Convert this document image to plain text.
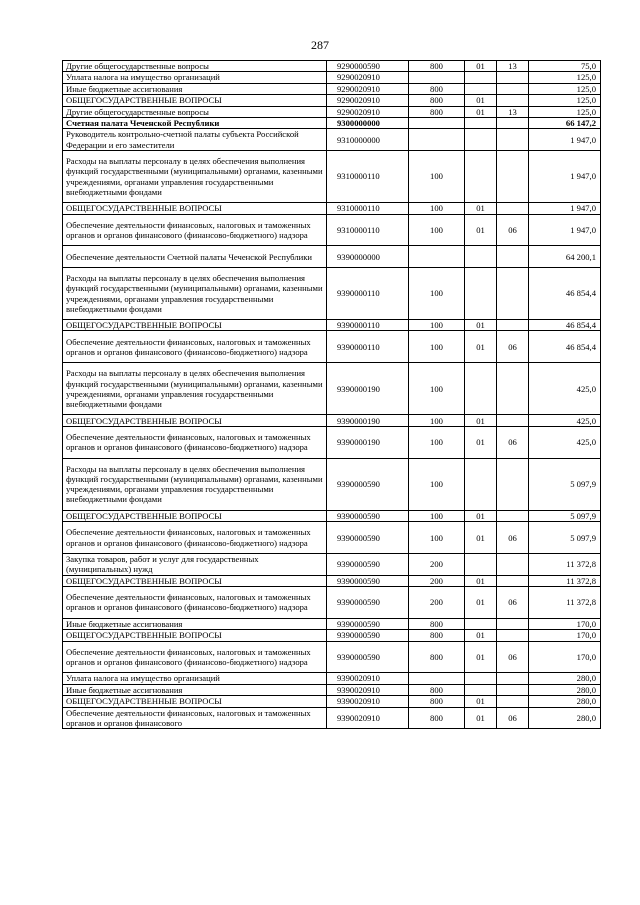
287
Другие общегосударственные вопросы	9290000590	800	01	13	75,0
Уплата налога на имущество организаций	9290020910				125,0
Иные бюджетные ассигнования	9290020910	800			125,0
ОБЩЕГОСУДАРСТВЕННЫЕ ВОПРОСЫ	9290020910	800	01		125,0
Другие общегосударственные вопросы	9290020910	800	01	13	125,0
Счетная палата Чеченской Республики	9300000000				66 147,2
Руководитель контрольно-счетной палаты субъекта Российской Федерации и его заместители	9310000000				1 947,0
Расходы на выплаты персоналу в целях обеспечения выполнения функций государственными (муниципальными) органами, казенными учреждениями, органами управления государственными внебюджетными фондами	9310000110	100			1 947,0
ОБЩЕГОСУДАРСТВЕННЫЕ ВОПРОСЫ	9310000110	100	01		1 947,0
Обеспечение деятельности финансовых, налоговых и таможенных органов и органов финансового (финансово-бюджетного) надзора	9310000110	100	01	06	1 947,0
Обеспечение деятельности Счетной палаты Чеченской Республики	9390000000				64 200,1
Расходы на выплаты персоналу в целях обеспечения выполнения функций государственными (муниципальными) органами, казенными учреждениями, органами управления государственными внебюджетными фондами	9390000110	100			46 854,4
ОБЩЕГОСУДАРСТВЕННЫЕ ВОПРОСЫ	9390000110	100	01		46 854,4
Обеспечение деятельности финансовых, налоговых и таможенных органов и органов финансового (финансово-бюджетного) надзора	9390000110	100	01	06	46 854,4
Расходы на выплаты персоналу в целях обеспечения выполнения функций государственными (муниципальными) органами, казенными учреждениями, органами управления государственными внебюджетными фондами	9390000190	100			425,0
ОБЩЕГОСУДАРСТВЕННЫЕ ВОПРОСЫ	9390000190	100	01		425,0
Обеспечение деятельности финансовых, налоговых и таможенных органов и органов финансового (финансово-бюджетного) надзора	9390000190	100	01	06	425,0
Расходы на выплаты персоналу в целях обеспечения выполнения функций государственными (муниципальными) органами, казенными учреждениями, органами управления государственными внебюджетными фондами	9390000590	100			5 097,9
ОБЩЕГОСУДАРСТВЕННЫЕ ВОПРОСЫ	9390000590	100	01		5 097,9
Обеспечение деятельности финансовых, налоговых и таможенных органов и органов финансового (финансово-бюджетного) надзора	9390000590	100	01	06	5 097,9
Закупка товаров, работ и услуг для государственных (муниципальных) нужд	9390000590	200			11 372,8
ОБЩЕГОСУДАРСТВЕННЫЕ ВОПРОСЫ	9390000590	200	01		11 372,8
Обеспечение деятельности финансовых, налоговых и таможенных органов и органов финансового (финансово-бюджетного) надзора	9390000590	200	01	06	11 372,8
Иные бюджетные ассигнования	9390000590	800			170,0
ОБЩЕГОСУДАРСТВЕННЫЕ ВОПРОСЫ	9390000590	800	01		170,0
Обеспечение деятельности финансовых, налоговых и таможенных органов и органов финансового (финансово-бюджетного) надзора	9390000590	800	01	06	170,0
Уплата налога на имущество организаций	9390020910				280,0
Иные бюджетные ассигнования	9390020910	800			280,0
ОБЩЕГОСУДАРСТВЕННЫЕ ВОПРОСЫ	9390020910	800	01		280,0
Обеспечение деятельности финансовых, налоговых и таможенных органов и органов финансового	9390020910	800	01	06	280,0
